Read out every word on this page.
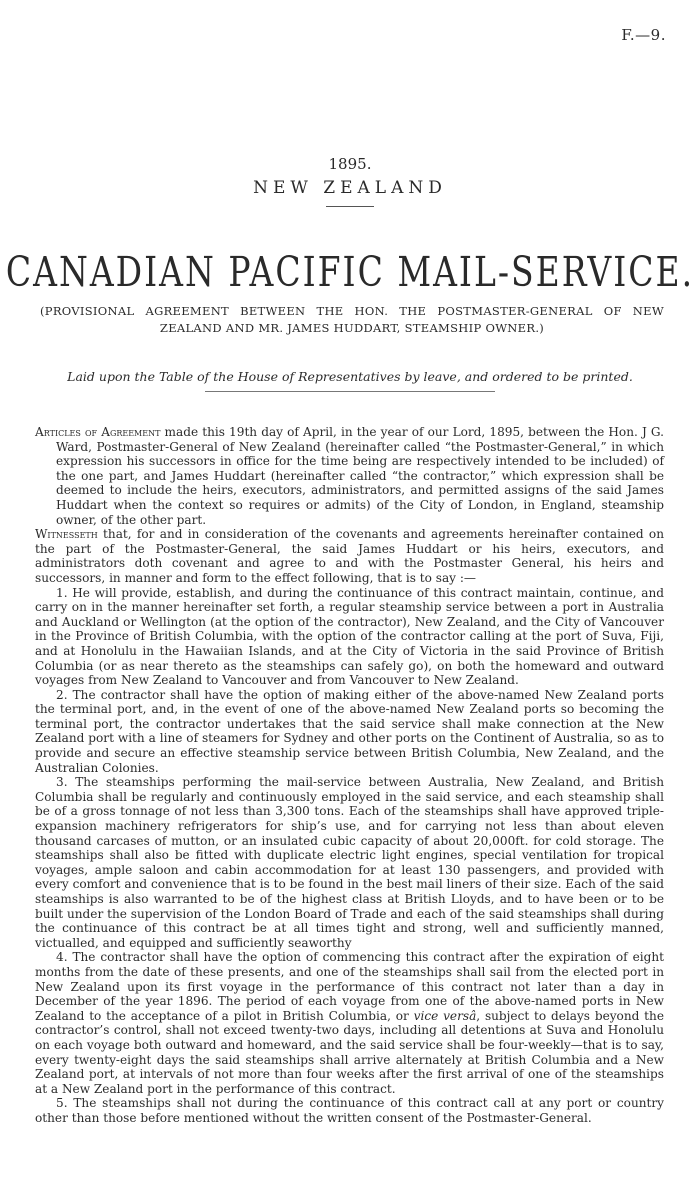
F.—9.
1895.
NEW ZEALAND
CANADIAN PACIFIC MAIL-SERVICE.
(PROVISIONAL AGREEMENT BETWEEN THE HON. THE POSTMASTER-GENERAL OF NEW ZEALAND AND MR. JAMES HUDDART, STEAMSHIP OWNER.)
Laid upon the Table of the House of Representatives by leave, and ordered to be printed.

Articles of Agreement made this 19th day of April, in the year of our Lord, 1895, between the Hon. J G. Ward, Postmaster-General of New Zealand (hereinafter called “the Postmaster-General,” in which expression his successors in office for the time being are respectively intended to be included) of the one part, and James Huddart (hereinafter called “the contractor,” which expression shall be deemed to include the heirs, executors, administrators, and permitted assigns of the said James Huddart when the context so requires or admits) of the City of London, in England, steamship owner, of the other part.

Witnesseth that, for and in consideration of the covenants and agreements hereinafter contained on the part of the Postmaster-General, the said James Huddart or his heirs, executors, and administrators doth covenant and agree to and with the Postmaster General, his heirs and successors, in manner and form to the effect following, that is to say :—

1. He will provide, establish, and during the continuance of this contract maintain, continue, and carry on in the manner hereinafter set forth, a regular steamship service between a port in Australia and Auckland or Wellington (at the option of the contractor), New Zealand, and the City of Vancouver in the Province of British Columbia, with the option of the contractor calling at the port of Suva, Fiji, and at Honolulu in the Hawaiian Islands, and at the City of Victoria in the said Province of British Columbia (or as near thereto as the steamships can safely go), on both the homeward and outward voyages from New Zealand to Vancouver and from Vancouver to New Zealand.

2. The contractor shall have the option of making either of the above-named New Zealand ports the terminal port, and, in the event of one of the above-named New Zealand ports so becoming the terminal port, the contractor undertakes that the said service shall make connection at the New Zealand port with a line of steamers for Sydney and other ports on the Continent of Australia, so as to provide and secure an effective steamship service between British Columbia, New Zealand, and the Australian Colonies.

3. The steamships performing the mail-service between Australia, New Zealand, and British Columbia shall be regularly and continuously employed in the said service, and each steamship shall be of a gross tonnage of not less than 3,300 tons. Each of the steamships shall have approved triple-expansion machinery refrigerators for ship’s use, and for carrying not less than about eleven thousand carcases of mutton, or an insulated cubic capacity of about 20,000ft. for cold storage. The steamships shall also be fitted with duplicate electric light engines, special ventilation for tropical voyages, ample saloon and cabin accommodation for at least 130 passengers, and provided with every comfort and convenience that is to be found in the best mail liners of their size. Each of the said steamships is also warranted to be of the highest class at British Lloyds, and to have been or to be built under the supervision of the London Board of Trade and each of the said steamships shall during the continuance of this contract be at all times tight and strong, well and sufficiently manned, victualled, and equipped and sufficiently seaworthy

4. The contractor shall have the option of commencing this contract after the expiration of eight months from the date of these presents, and one of the steamships shall sail from the elected port in New Zealand upon its first voyage in the performance of this contract not later than a day in December of the year 1896. The period of each voyage from one of the above-named ports in New Zealand to the acceptance of a pilot in British Columbia, or vice versâ, subject to delays beyond the contractor’s control, shall not exceed twenty-two days, including all detentions at Suva and Honolulu on each voyage both outward and homeward, and the said service shall be four-weekly—that is to say, every twenty-eight days the said steamships shall arrive alternately at British Columbia and a New Zealand port, at intervals of not more than four weeks after the first arrival of one of the steamships at a New Zealand port in the performance of this contract.

5. The steamships shall not during the continuance of this contract call at any port or country other than those before mentioned without the written consent of the Postmaster-General.
